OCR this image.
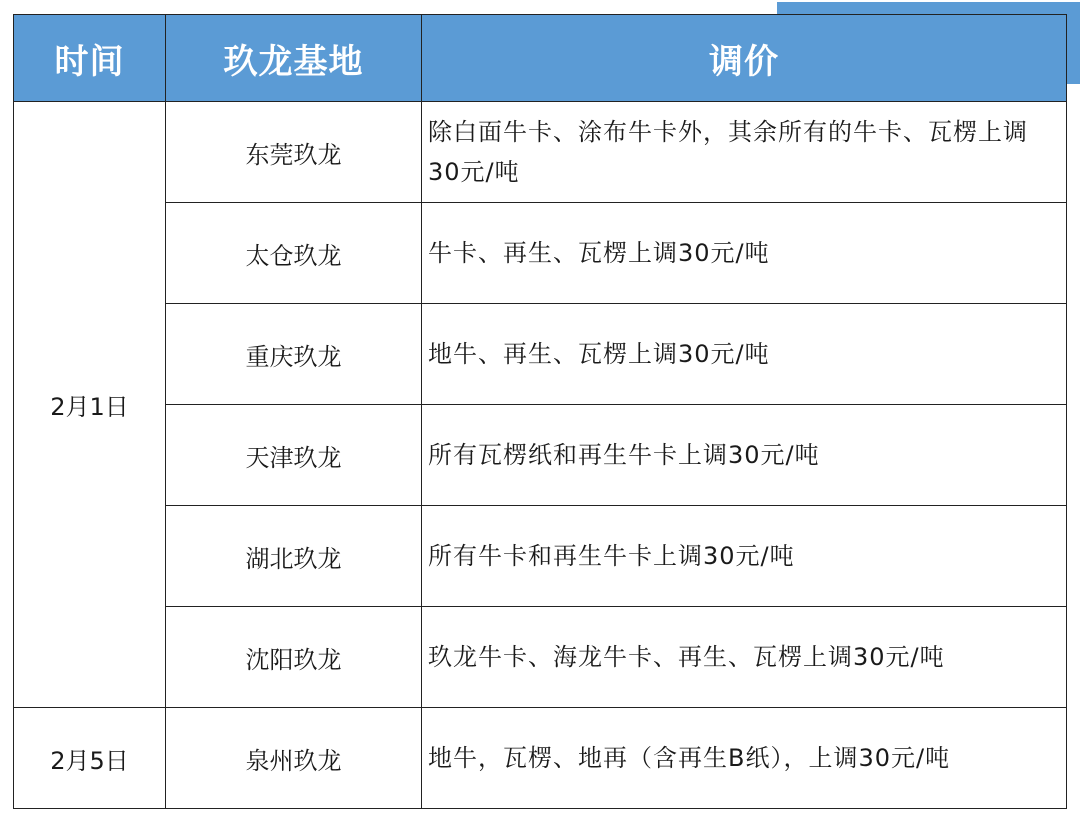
时间	玖龙基地	调价
2月1日	东莞玖龙	除白面牛卡、涂布牛卡外，其余所有的牛卡、瓦楞上调30元/吨
	太仓玖龙	牛卡、再生、瓦楞上调30元/吨
	重庆玖龙	地牛、再生、瓦楞上调30元/吨
	天津玖龙	所有瓦楞纸和再生牛卡上调30元/吨
	湖北玖龙	所有牛卡和再生牛卡上调30元/吨
	沈阳玖龙	玖龙牛卡、海龙牛卡、再生、瓦楞上调30元/吨
2月5日	泉州玖龙	地牛，瓦楞、地再（含再生B纸），上调30元/吨
